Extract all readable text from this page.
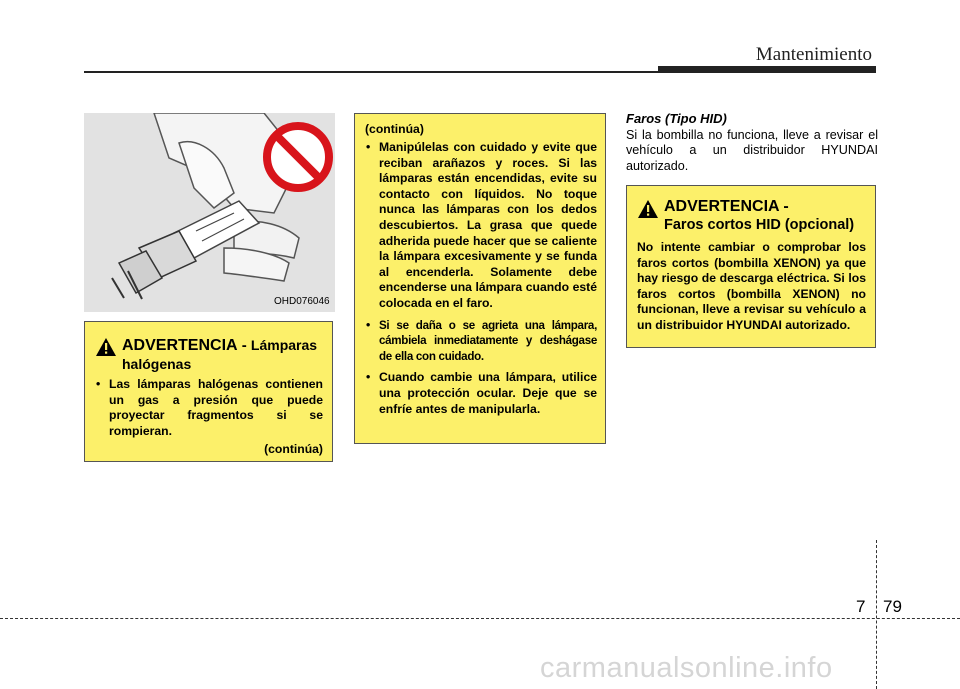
Mantenimiento
OHD076046
ADVERTENCIA - Lámparas halógenas
• Las lámparas halógenas contienen un gas a presión que puede proyectar fragmentos si se rompieran.
(continúa)
(continúa)
• Manipúlelas con cuidado y evite que reciban arañazos y roces. Si las lámparas están encendidas, evite su contacto con líquidos. No toque nunca las lámparas con los dedos descubiertos. La grasa que quede adherida puede hacer que se caliente la lámpara excesivamente y se funda al encenderla. Solamente debe encenderse una lámpara cuando esté colocada en el faro.
• Si se daña o se agrieta una lámpara, cámbiela inmediatamente y deshágase de ella con cuidado.
• Cuando cambie una lámpara, utilice una protección ocular. Deje que se enfríe antes de manipularla.
Faros (Tipo HID)
Si la bombilla no funciona, lleve a revisar el vehículo a un distribuidor HYUNDAI autorizado.
ADVERTENCIA -
Faros cortos HID (opcional)
No intente cambiar o comprobar los faros cortos (bombilla XENON) ya que hay riesgo de descarga eléctrica. Si los faros cortos (bombilla XENON) no funcionan, lleve a revisar su vehículo a un distribuidor HYUNDAI autorizado.
7 79
carmanualsonline.info
